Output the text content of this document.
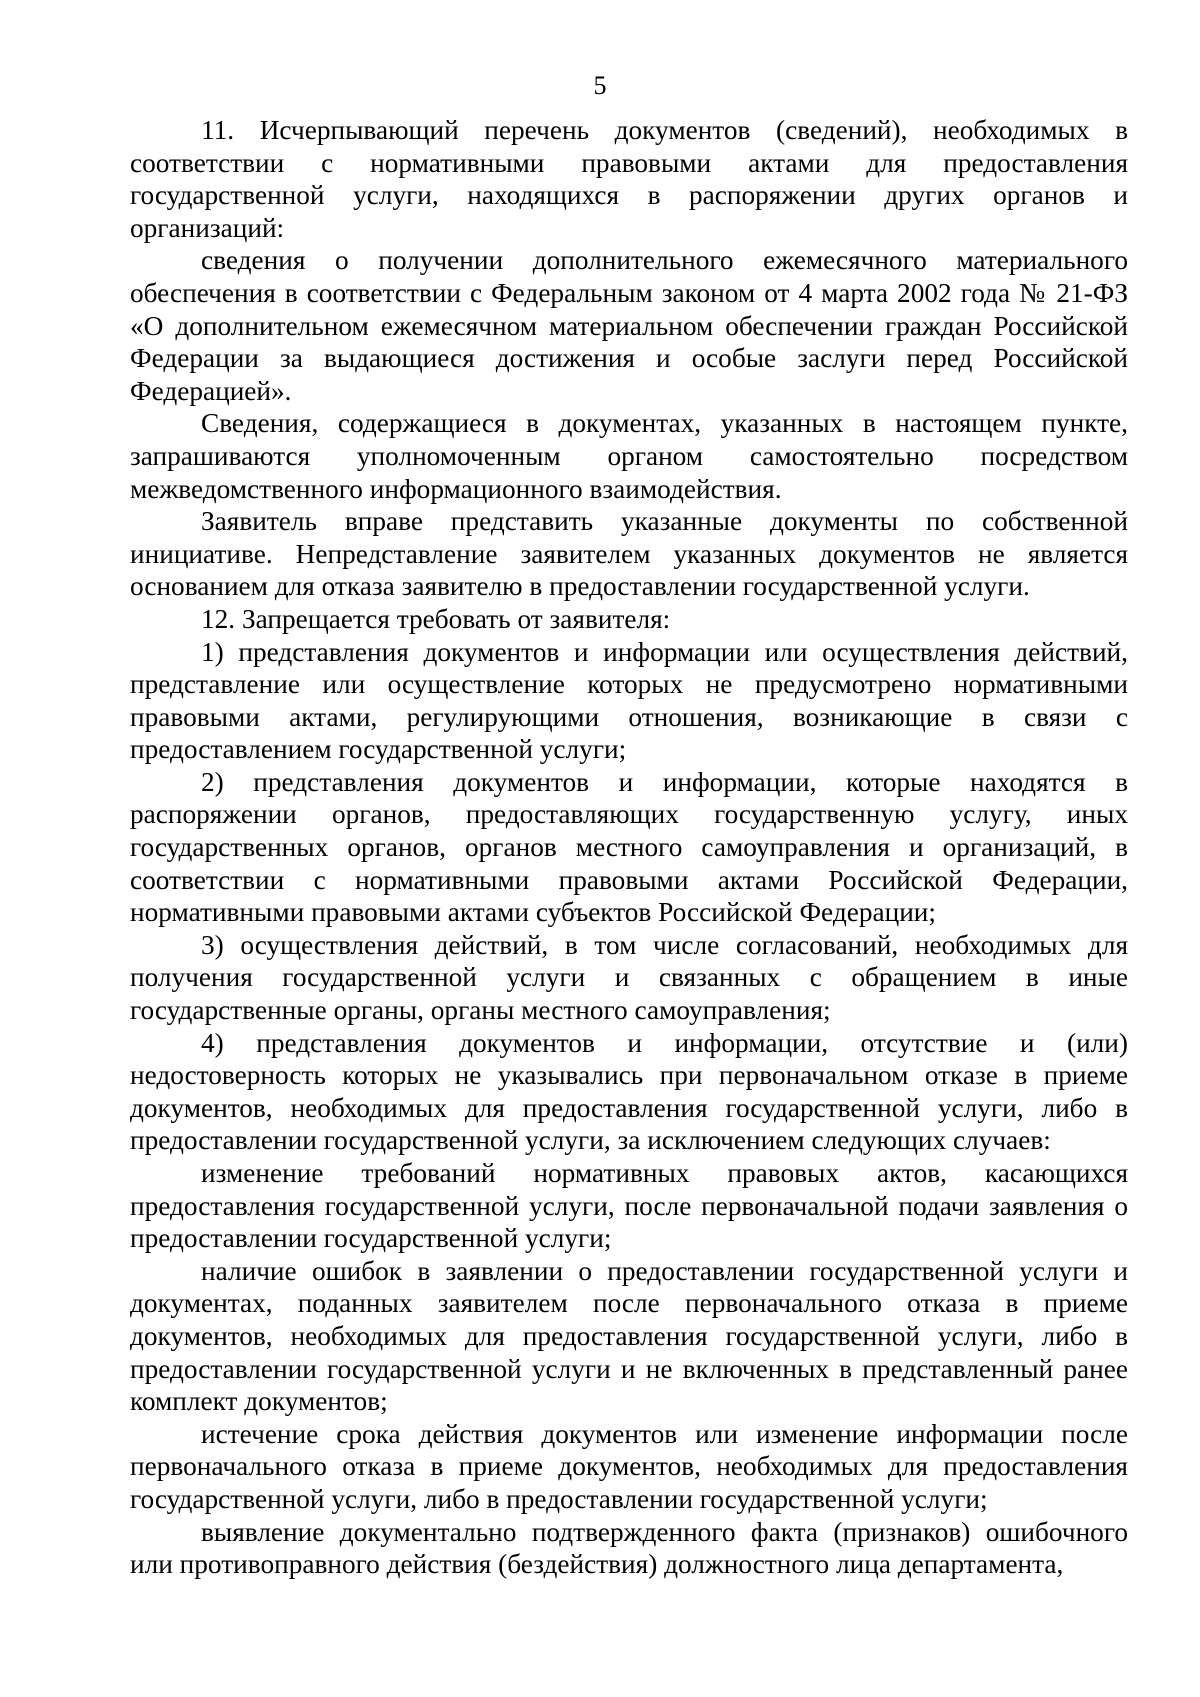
5

11. Исчерпывающий перечень документов (сведений), необходимых в соответствии с нормативными правовыми актами для предоставления государственной услуги, находящихся в распоряжении других органов и организаций:

сведения о получении дополнительного ежемесячного материального обеспечения в соответствии с Федеральным законом от 4 марта 2002 года № 21-ФЗ «О дополнительном ежемесячном материальном обеспечении граждан Российской Федерации за выдающиеся достижения и особые заслуги перед Российской Федерацией».

Сведения, содержащиеся в документах, указанных в настоящем пункте, запрашиваются уполномоченным органом самостоятельно посредством межведомственного информационного взаимодействия.

Заявитель вправе представить указанные документы по собственной инициативе. Непредставление заявителем указанных документов не является основанием для отказа заявителю в предоставлении государственной услуги.

12. Запрещается требовать от заявителя:

1) представления документов и информации или осуществления действий, представление или осуществление которых не предусмотрено нормативными правовыми актами, регулирующими отношения, возникающие в связи с предоставлением государственной услуги;

2) представления документов и информации, которые находятся в распоряжении органов, предоставляющих государственную услугу, иных государственных органов, органов местного самоуправления и организаций, в соответствии с нормативными правовыми актами Российской Федерации, нормативными правовыми актами субъектов Российской Федерации;

3) осуществления действий, в том числе согласований, необходимых для получения государственной услуги и связанных с обращением в иные государственные органы, органы местного самоуправления;

4) представления документов и информации, отсутствие и (или) недостоверность которых не указывались при первоначальном отказе в приеме документов, необходимых для предоставления государственной услуги, либо в предоставлении государственной услуги, за исключением следующих случаев:

изменение требований нормативных правовых актов, касающихся предоставления государственной услуги, после первоначальной подачи заявления о предоставлении государственной услуги;

наличие ошибок в заявлении о предоставлении государственной услуги и документах, поданных заявителем после первоначального отказа в приеме документов, необходимых для предоставления государственной услуги, либо в предоставлении государственной услуги и не включенных в представленный ранее комплект документов;

истечение срока действия документов или изменение информации после первоначального отказа в приеме документов, необходимых для предоставления государственной услуги, либо в предоставлении государственной услуги;

выявление документально подтвержденного факта (признаков) ошибочного или противоправного действия (бездействия) должностного лица департамента,
